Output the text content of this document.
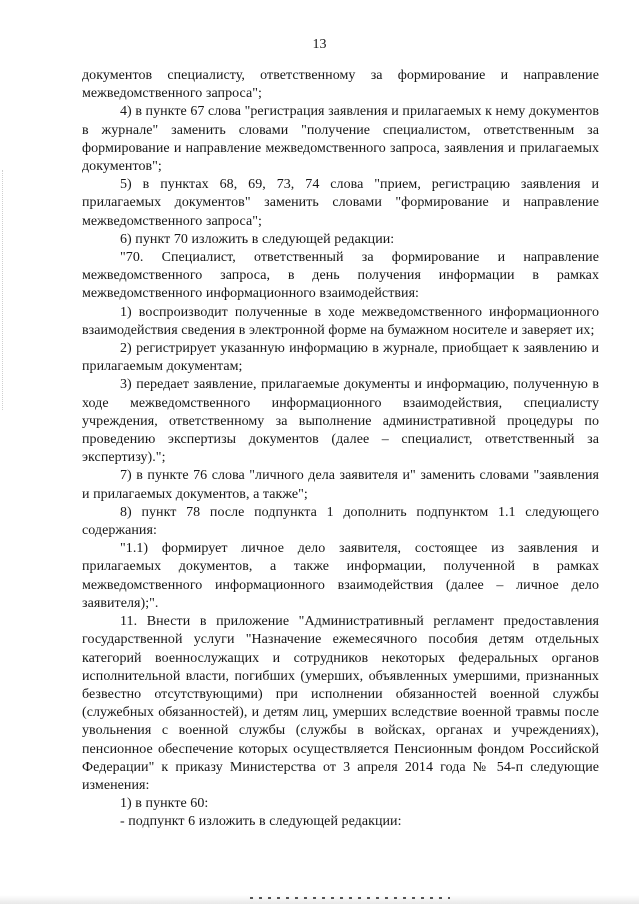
13

документов специалисту, ответственному за формирование и направление межведомственного запроса";

4) в пункте 67 слова "регистрация заявления и прилагаемых к нему документов в журнале" заменить словами "получение специалистом, ответственным за формирование и направление межведомственного запроса, заявления и прилагаемых документов";

5) в пунктах 68, 69, 73, 74 слова "прием, регистрацию заявления и прилагаемых документов" заменить словами "формирование и направление межведомственного запроса";

6) пункт 70 изложить в следующей редакции:

"70. Специалист, ответственный за формирование и направление межведомственного запроса, в день получения информации в рамках межведомственного информационного взаимодействия:

1) воспроизводит полученные в ходе межведомственного информационного взаимодействия сведения в электронной форме на бумажном носителе и заверяет их;

2) регистрирует указанную информацию в журнале, приобщает к заявлению и прилагаемым документам;

3) передает заявление, прилагаемые документы и информацию, полученную в ходе межведомственного информационного взаимодействия, специалисту учреждения, ответственному за выполнение административной процедуры по проведению экспертизы документов (далее – специалист, ответственный за экспертизу).";

7) в пункте 76 слова "личного дела заявителя и" заменить словами "заявления и прилагаемых документов, а также";

8) пункт 78 после подпункта 1 дополнить подпунктом 1.1 следующего содержания:

"1.1) формирует личное дело заявителя, состоящее из заявления и прилагаемых документов, а также информации, полученной в рамках межведомственного информационного взаимодействия (далее – личное дело заявителя);".

11. Внести в приложение "Административный регламент предоставления государственной услуги "Назначение ежемесячного пособия детям отдельных категорий военнослужащих и сотрудников некоторых федеральных органов исполнительной власти, погибших (умерших, объявленных умершими, признанных безвестно отсутствующими) при исполнении обязанностей военной службы (служебных обязанностей), и детям лиц, умерших вследствие военной травмы после увольнения с военной службы (службы в войсках, органах и учреждениях), пенсионное обеспечение которых осуществляется Пенсионным фондом Российской Федерации" к приказу Министерства от 3 апреля 2014 года № 54-п следующие изменения:

1) в пункте 60:

- подпункт 6 изложить в следующей редакции:
